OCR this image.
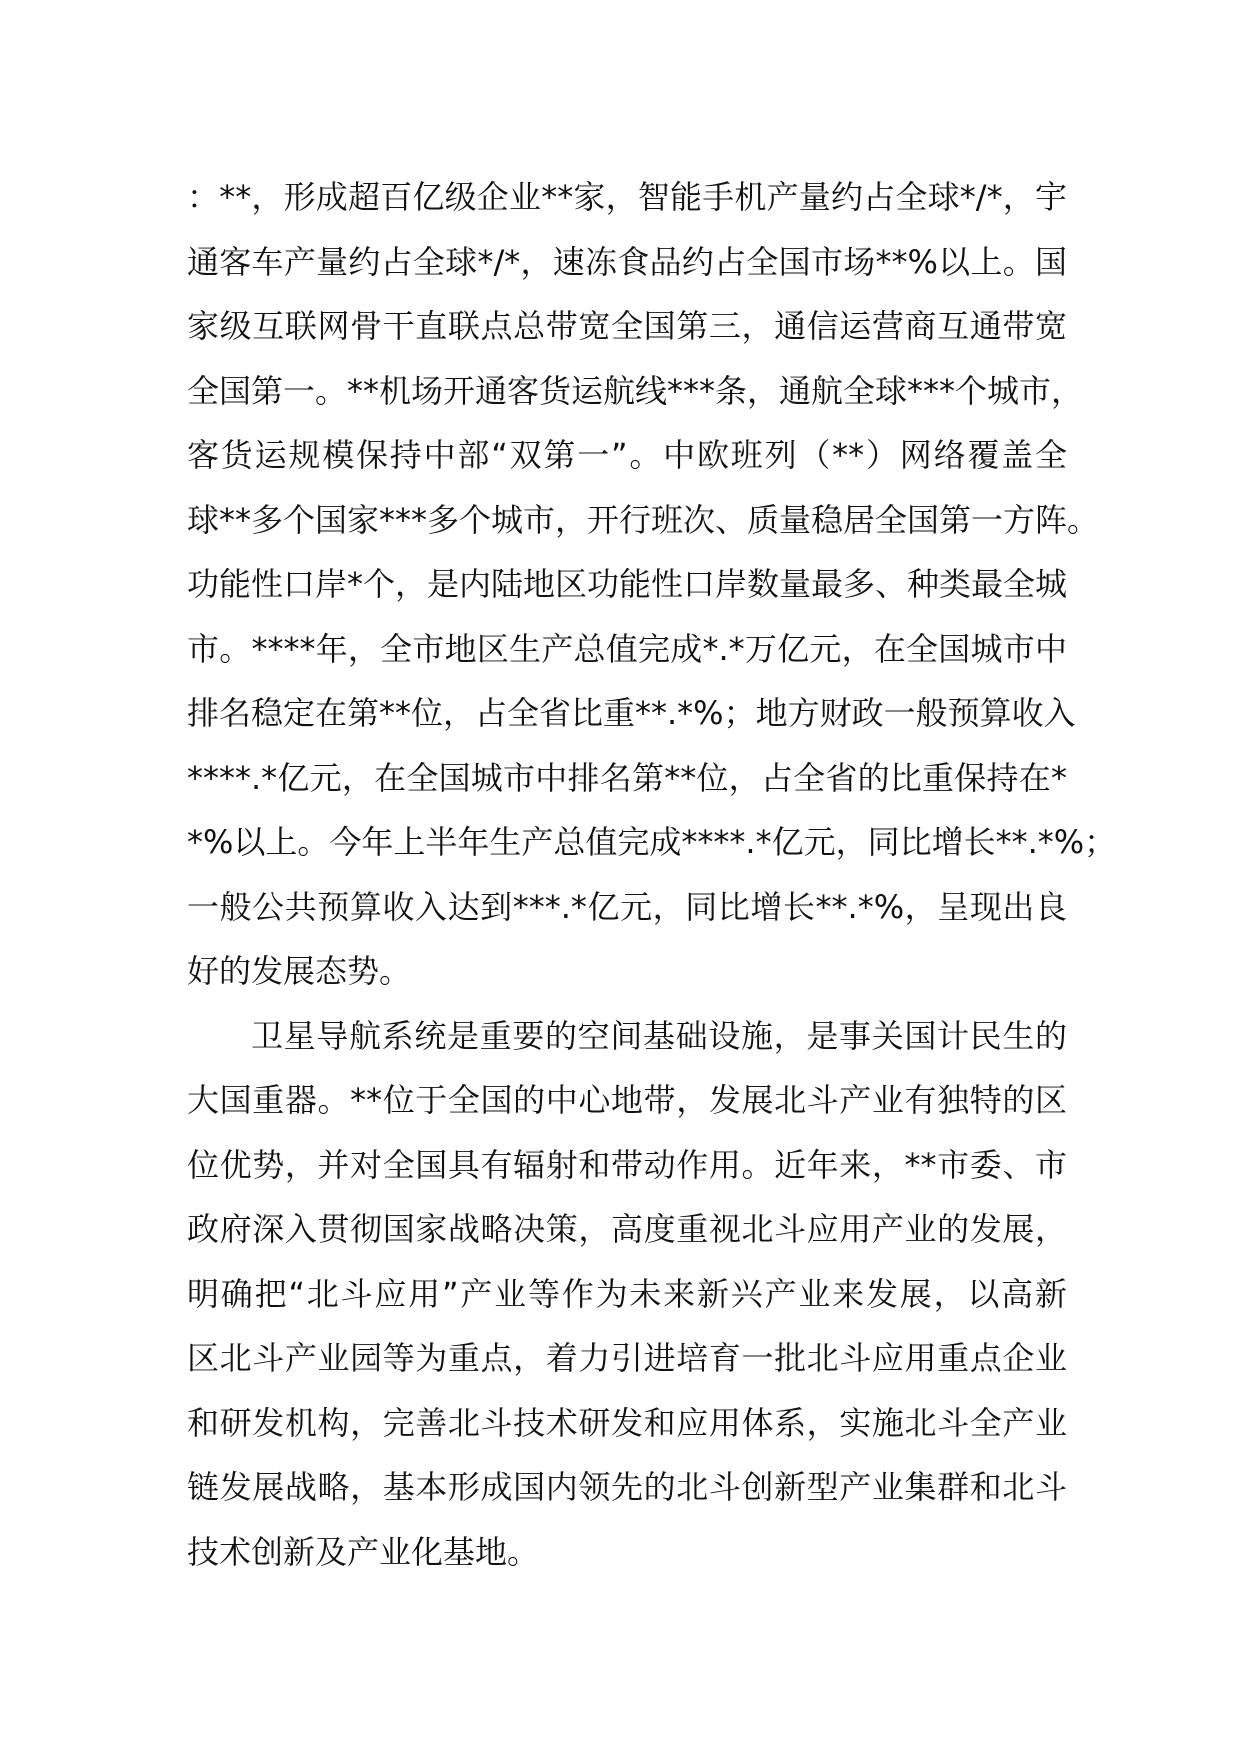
：**，形成超百亿级企业**家，智能手机产量约占全球*/*，宇
通客车产量约占全球*/*，速冻食品约占全国市场**%以上。国
家级互联网骨干直联点总带宽全国第三，通信运营商互通带宽
全国第一。**机场开通客货运航线***条，通航全球***个城市，
客货运规模保持中部“双第一”。中欧班列（**）网络覆盖全
球**多个国家***多个城市，开行班次、质量稳居全国第一方阵。
功能性口岸*个，是内陆地区功能性口岸数量最多、种类最全城
市。****年，全市地区生产总值完成*.*万亿元，在全国城市中
排名稳定在第**位，占全省比重**.*%；地方财政一般预算收入
****.*亿元，在全国城市中排名第**位，占全省的比重保持在*
*%以上。今年上半年生产总值完成****.*亿元，同比增长**.*%；
一般公共预算收入达到***.*亿元，同比增长**.*%，呈现出良
好的发展态势。
卫星导航系统是重要的空间基础设施，是事关国计民生的
大国重器。**位于全国的中心地带，发展北斗产业有独特的区
位优势，并对全国具有辐射和带动作用。近年来，**市委、市
政府深入贯彻国家战略决策，高度重视北斗应用产业的发展，
明确把“北斗应用”产业等作为未来新兴产业来发展，以高新
区北斗产业园等为重点，着力引进培育一批北斗应用重点企业
和研发机构，完善北斗技术研发和应用体系，实施北斗全产业
链发展战略，基本形成国内领先的北斗创新型产业集群和北斗
技术创新及产业化基地。
